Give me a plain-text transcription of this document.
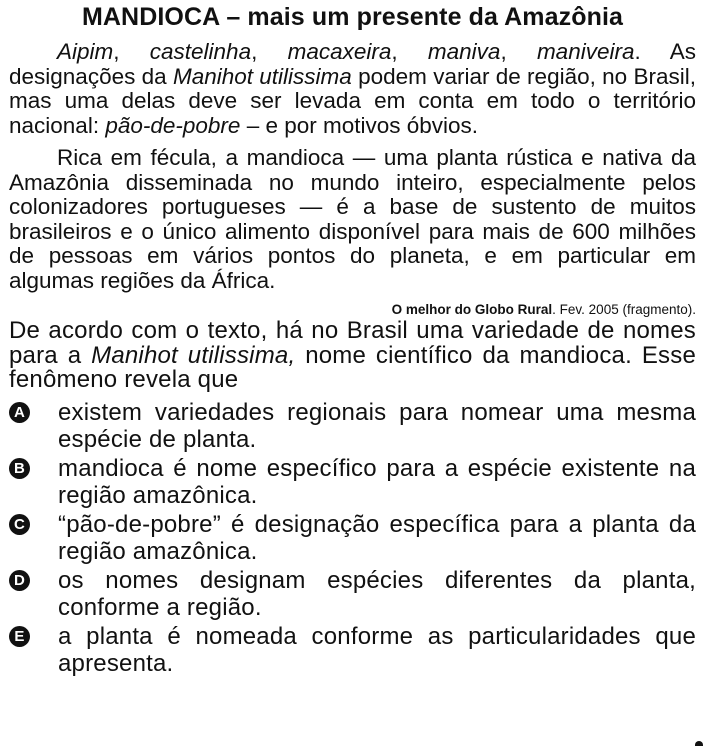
MANDIOCA – mais um presente da Amazônia

Aipim, castelinha, macaxeira, maniva, maniveira. As designações da Manihot utilissima podem variar de região, no Brasil, mas uma delas deve ser levada em conta em todo o território nacional: pão-de-pobre – e por motivos óbvios.

Rica em fécula, a mandioca — uma planta rústica e nativa da Amazônia disseminada no mundo inteiro, especialmente pelos colonizadores portugueses — é a base de sustento de muitos brasileiros e o único alimento disponível para mais de 600 milhões de pessoas em vários pontos do planeta, e em particular em algumas regiões da África.

O melhor do Globo Rural. Fev. 2005 (fragmento).

De acordo com o texto, há no Brasil uma variedade de nomes para a Manihot utilissima, nome científico da mandioca. Esse fenômeno revela que

A existem variedades regionais para nomear uma mesma espécie de planta.
B mandioca é nome específico para a espécie existente na região amazônica.
C “pão-de-pobre” é designação específica para a planta da região amazônica.
D os nomes designam espécies diferentes da planta, conforme a região.
E a planta é nomeada conforme as particularidades que apresenta.
